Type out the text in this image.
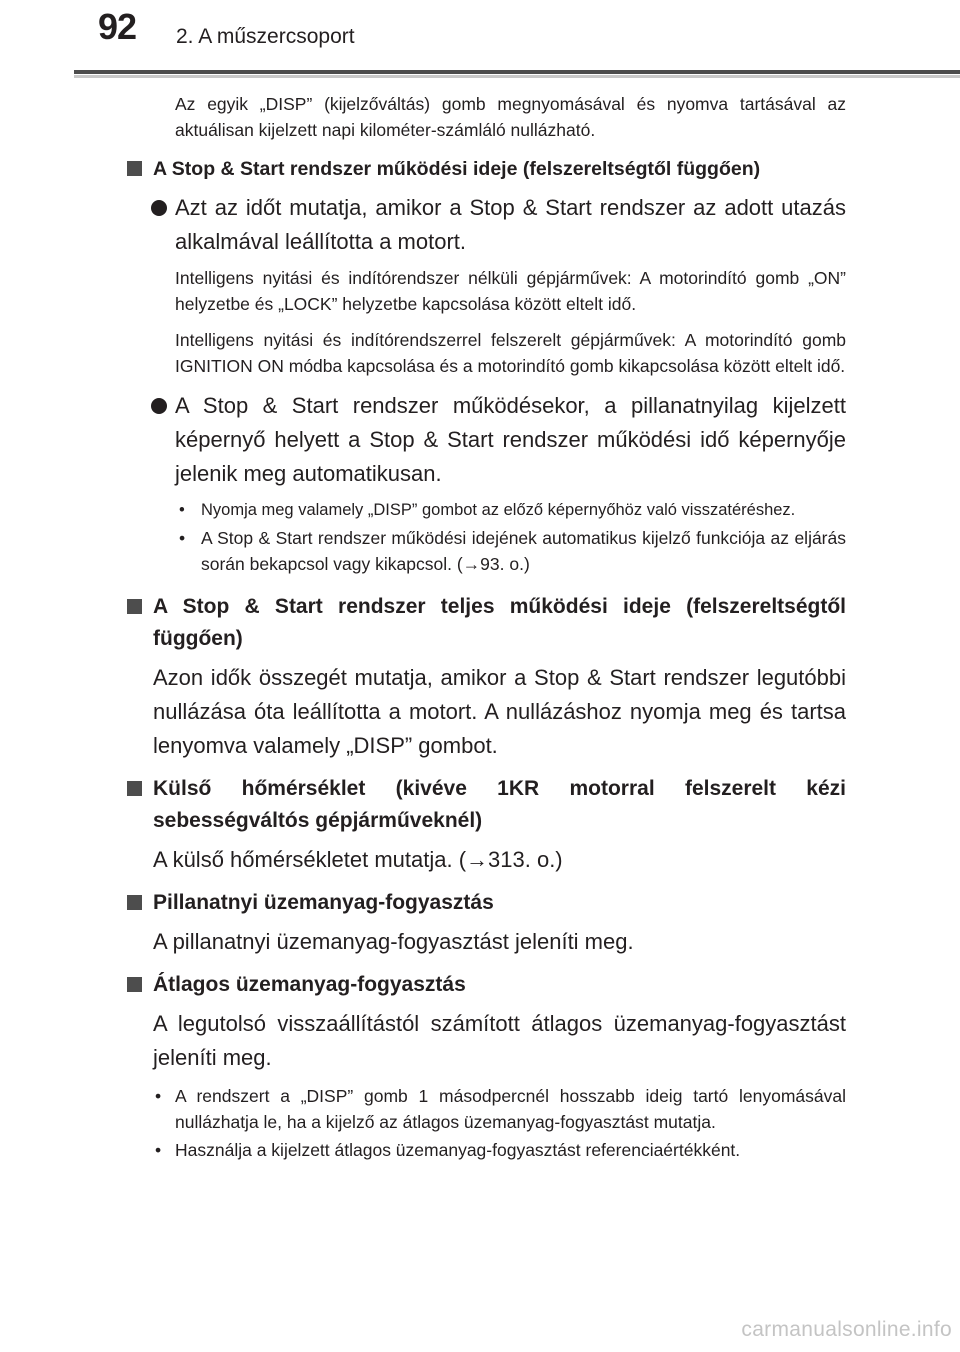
92 2. A műszercsoport

Az egyik „DISP” (kijelzőváltás) gomb megnyomásával és nyomva tartásával az aktuálisan kijelzett napi kilométer-számláló nullázható.

A Stop & Start rendszer működési ideje (felszereltségtől függően)
Azt az időt mutatja, amikor a Stop & Start rendszer az adott utazás alkalmával leállította a motort.

Intelligens nyitási és indítórendszer nélküli gépjárművek: A motorindító gomb „ON” helyzetbe és „LOCK” helyzetbe kapcsolása között eltelt idő.

Intelligens nyitási és indítórendszerrel felszerelt gépjárművek: A motorindító gomb IGNITION ON módba kapcsolása és a motorindító gomb kikapcsolása között eltelt idő.

A Stop & Start rendszer működésekor, a pillanatnyilag kijelzett képernyő helyett a Stop & Start rendszer működési idő képernyője jelenik meg automatikusan.
• Nyomja meg valamely „DISP” gombot az előző képernyőhöz való visszatéréshez.
• A Stop & Start rendszer működési idejének automatikus kijelző funkciója az eljárás során bekapcsol vagy kikapcsol. (→93. o.)
A Stop & Start rendszer teljes működési ideje (felszereltségtől függően)

Azon idők összegét mutatja, amikor a Stop & Start rendszer legutóbbi nullázása óta leállította a motort. A nullázáshoz nyomja meg és tartsa lenyomva valamely „DISP” gombot.

Külső hőmérséklet (kivéve 1KR motorral felszerelt kézi sebességváltós gépjárműveknél)

A külső hőmérsékletet mutatja. (→313. o.)

Pillanatnyi üzemanyag-fogyasztás

A pillanatnyi üzemanyag-fogyasztást jeleníti meg.

Átlagos üzemanyag-fogyasztás

A legutolsó visszaállítástól számított átlagos üzemanyag-fogyasztást jeleníti meg.

• A rendszert a „DISP” gomb 1 másodpercnél hosszabb ideig tartó lenyomásával nullázhatja le, ha a kijelző az átlagos üzemanyag-fogyasztást mutatja.
• Használja a kijelzett átlagos üzemanyag-fogyasztást referenciaértékként.
carmanualsonline.info
